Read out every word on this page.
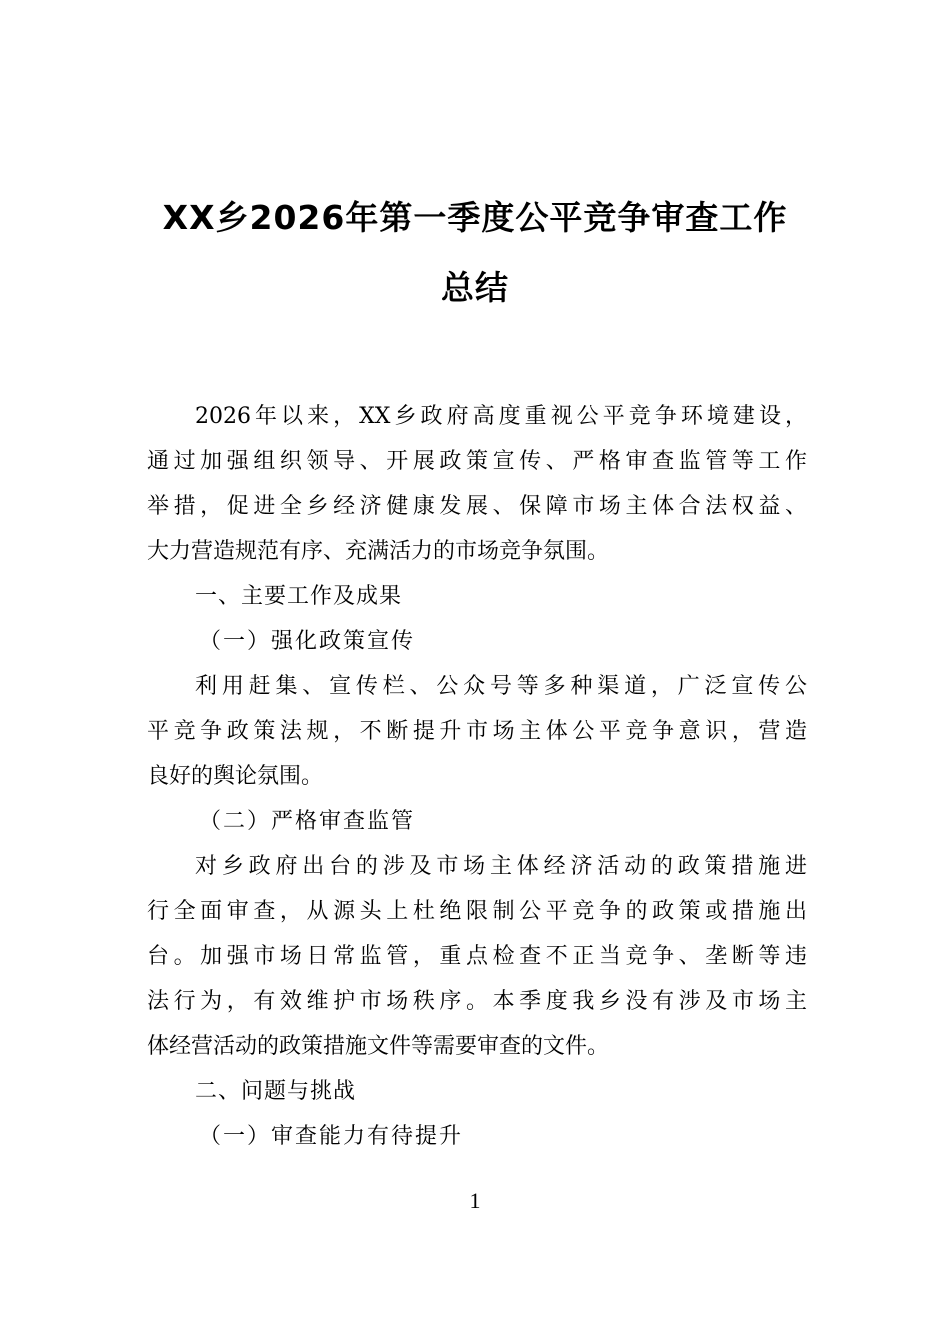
XX乡2026年第一季度公平竞争审查工作
总结
2026年以来，XX乡政府高度重视公平竞争环境建设，
通过加强组织领导、开展政策宣传、严格审查监管等工作
举措，促进全乡经济健康发展、保障市场主体合法权益、
大力营造规范有序、充满活力的市场竞争氛围。
一、主要工作及成果
（一）强化政策宣传
利用赶集、宣传栏、公众号等多种渠道，广泛宣传公
平竞争政策法规，不断提升市场主体公平竞争意识，营造
良好的舆论氛围。
（二）严格审查监管
对乡政府出台的涉及市场主体经济活动的政策措施进
行全面审查，从源头上杜绝限制公平竞争的政策或措施出
台。加强市场日常监管，重点检查不正当竞争、垄断等违
法行为，有效维护市场秩序。本季度我乡没有涉及市场主
体经营活动的政策措施文件等需要审查的文件。
二、问题与挑战
（一）审查能力有待提升
1
